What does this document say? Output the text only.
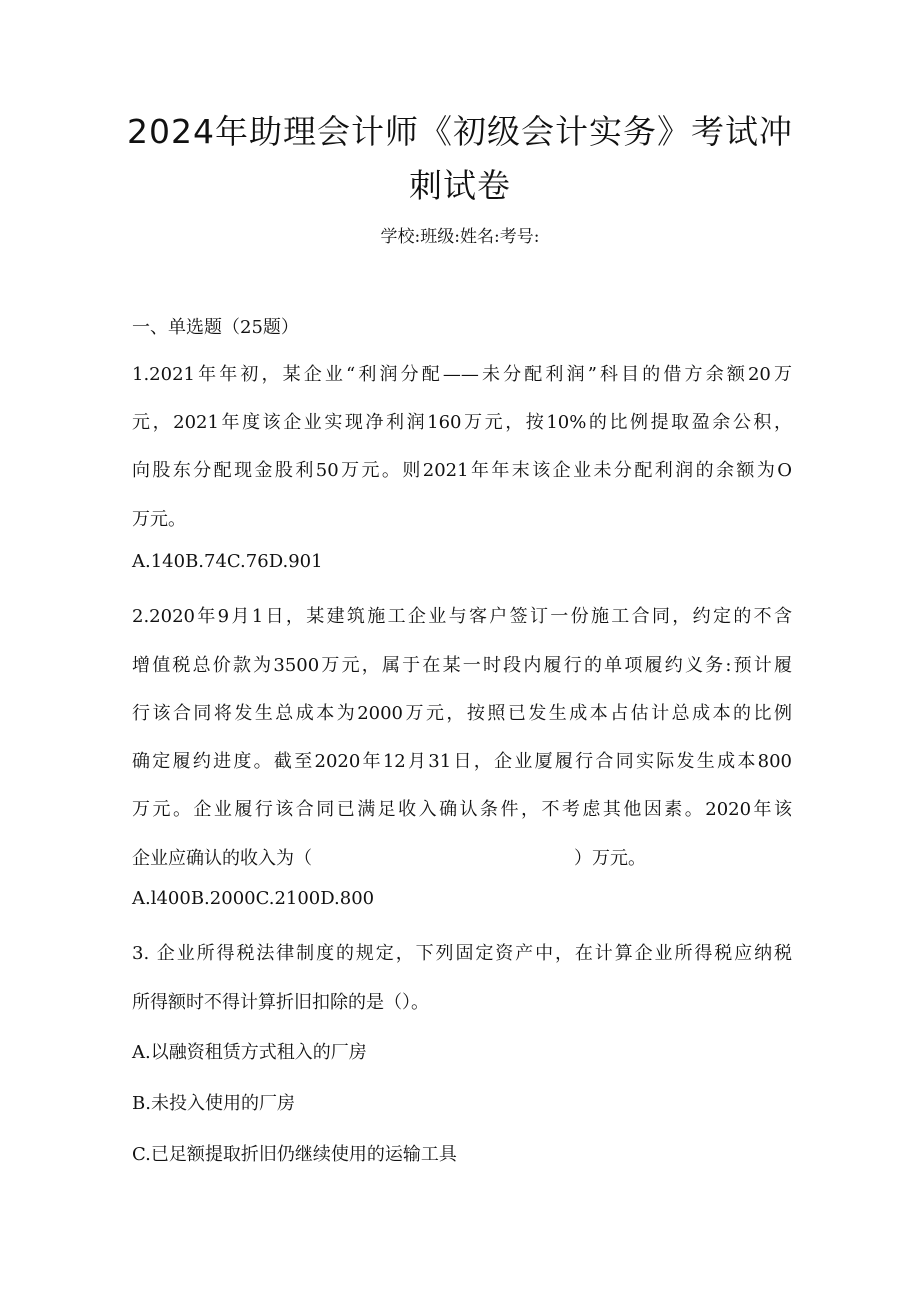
2024年助理会计师《初级会计实务》考试冲
刺试卷
学校:班级:姓名:考号:
一、单选题（25题）
1.2021年年初，某企业“利润分配——未分配利润”科目的借方余额20万
元，2021年度该企业实现净利润160万元，按10%的比例提取盈余公积，
向股东分配现金股利50万元。则2021年年末该企业未分配利润的余额为O
万元。
A.140B.74C.76D.901
2.2020年9月1日，某建筑施工企业与客户签订一份施工合同，约定的不含
增值税总价款为3500万元，属于在某一时段内履行的单项履约义务:预计履
行该合同将发生总成本为2000万元，按照已发生成本占估计总成本的比例
确定履约进度。截至2020年12月31日，企业厦履行合同实际发生成本800
万元。企业履行该合同已满足收入确认条件，不考虑其他因素。2020年该
企业应确认的收入为（	）万元。
A.l400B.2000C.2100D.800
3. 企业所得税法律制度的规定，下列固定资产中，在计算企业所得税应纳税
所得额时不得计算折旧扣除的是（）。
A.以融资租赁方式租入的厂房
B.未投入使用的厂房
C.已足额提取折旧仍继续使用的运输工具
